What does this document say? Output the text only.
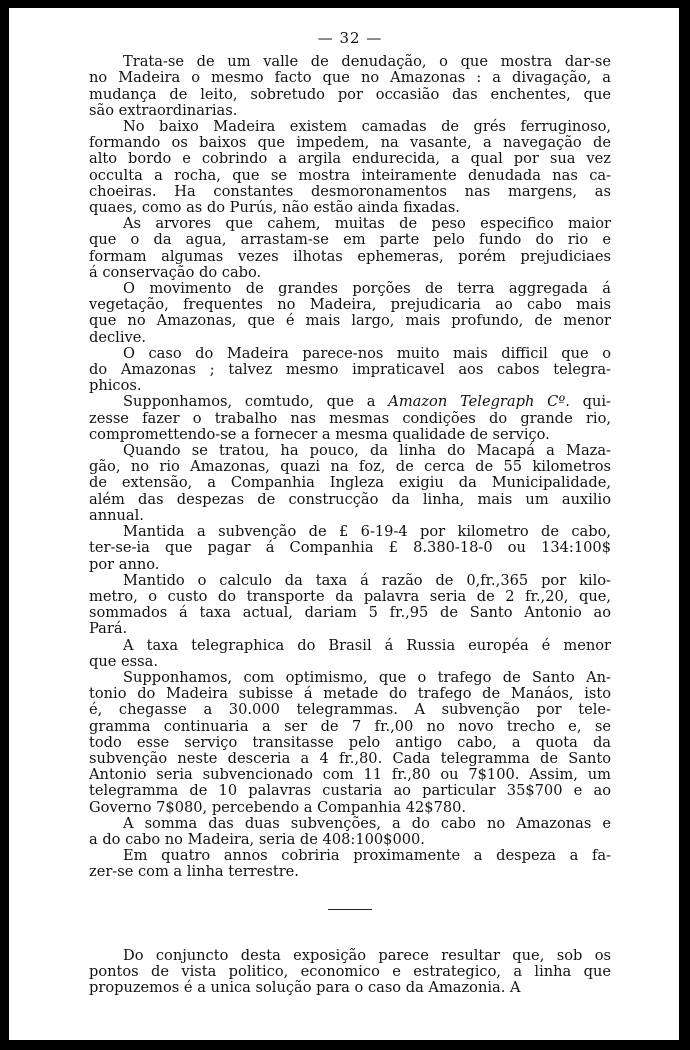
— 32 —
Trata-se de um valle de denudação, o que mostra dar-se
no Madeira o mesmo facto que no Amazonas : a divagação, a
mudança de leito, sobretudo por occasião das enchentes, que
são extraordinarias.
No baixo Madeira existem camadas de grés ferruginoso,
formando os baixos que impedem, na vasante, a navegação de
alto bordo e cobrindo a argila endurecida, a qual por sua vez
occulta a rocha, que se mostra inteiramente denudada nas ca-
choeiras. Ha constantes desmoronamentos nas margens, as
quaes, como as do Purús, não estão ainda fixadas.
As arvores que cahem, muitas de peso especifico maior
que o da agua, arrastam-se em parte pelo fundo do rio e
formam algumas vezes ilhotas ephemeras, porém prejudiciaes
á conservação do cabo.
O movimento de grandes porções de terra aggregada á
vegetação, frequentes no Madeira, prejudicaria ao cabo mais
que no Amazonas, que é mais largo, mais profundo, de menor
declive.
O caso do Madeira parece-nos muito mais difficil que o
do Amazonas ; talvez mesmo impraticavel aos cabos telegra-
phicos.
Supponhamos, comtudo, que a Amazon Telegraph Cº. qui-
zesse fazer o trabalho nas mesmas condições do grande rio,
compromettendo-se a fornecer a mesma qualidade de serviço.
Quando se tratou, ha pouco, da linha do Macapá a Maza-
gão, no rio Amazonas, quazi na foz, de cerca de 55 kilometros
de extensão, a Companhia Ingleza exigiu da Municipalidade,
além das despezas de construcção da linha, mais um auxilio
annual.
Mantida a subvenção de £ 6-19-4 por kilometro de cabo,
ter-se-ia que pagar á Companhia £ 8.380-18-0 ou 134:100$
por anno.
Mantido o calculo da taxa á razão de 0,fr.,365 por kilo-
metro, o custo do transporte da palavra seria de 2 fr.,20, que,
sommados á taxa actual, dariam 5 fr.,95 de Santo Antonio ao
Pará.
A taxa telegraphica do Brasil á Russia européa é menor
que essa.
Supponhamos, com optimismo, que o trafego de Santo An-
tonio do Madeira subisse á metade do trafego de Manáos, isto
é, chegasse a 30.000 telegrammas. A subvenção por tele-
gramma continuaria a ser de 7 fr.,00 no novo trecho e, se
todo esse serviço transitasse pelo antigo cabo, a quota da
subvenção neste desceria a 4 fr.,80. Cada telegramma de Santo
Antonio seria subvencionado com 11 fr.,80 ou 7$100. Assim, um
telegramma de 10 palavras custaria ao particular 35$700 e ao
Governo 7$080, percebendo a Companhia 42$780.
A somma das duas subvenções, a do cabo no Amazonas e
a do cabo no Madeira, seria de 408:100$000.
Em quatro annos cobriria proximamente a despeza a fa-
zer-se com a linha terrestre.
Do conjuncto desta exposição parece resultar que, sob os
pontos de vista politico, economico e estrategico, a linha que
propuzemos é a unica solução para o caso da Amazonia. A
